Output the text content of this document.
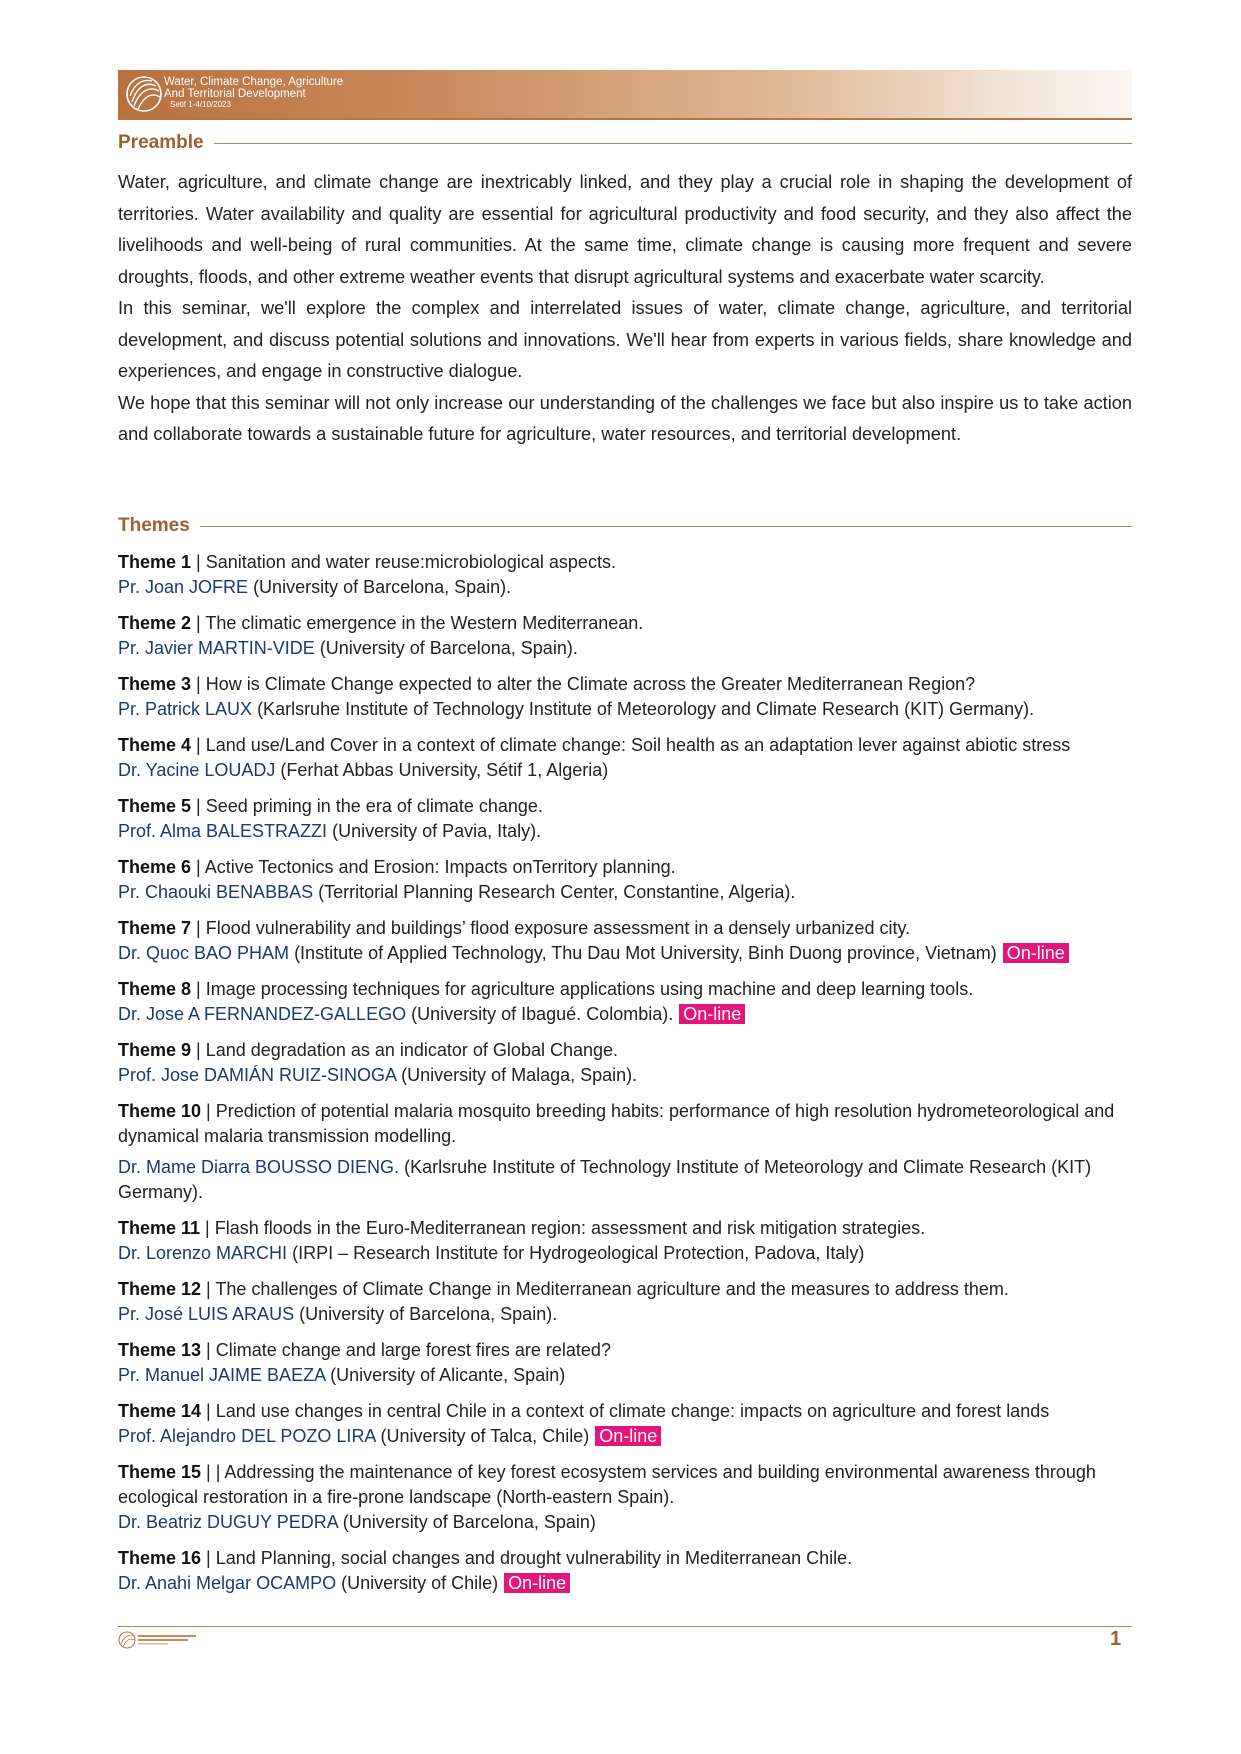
Water, Climate Change, Agriculture
And Territorial Development
Setif 1-4/10/2023
Preamble

Water, agriculture, and climate change are inextricably linked, and they play a crucial role in shaping the development of territories. Water availability and quality are essential for agricultural productivity and food security, and they also affect the livelihoods and well-being of rural communities. At the same time, climate change is causing more frequent and severe droughts, floods, and other extreme weather events that disrupt agricultural systems and exacerbate water scarcity.

In this seminar, we'll explore the complex and interrelated issues of water, climate change, agriculture, and territorial development, and discuss potential solutions and innovations. We'll hear from experts in various fields, share knowledge and experiences, and engage in constructive dialogue.

We hope that this seminar will not only increase our understanding of the challenges we face but also inspire us to take action and collaborate towards a sustainable future for agriculture, water resources, and territorial development.

Themes
Theme 1 | Sanitation and water reuse:microbiological aspects.
Pr. Joan JOFRE (University of Barcelona, Spain).
Theme 2 | The climatic emergence in the Western Mediterranean.
Pr. Javier MARTIN-VIDE (University of Barcelona, Spain).
Theme 3 | How is Climate Change expected to alter the Climate across the Greater Mediterranean Region?
Pr. Patrick LAUX (Karlsruhe Institute of Technology Institute of Meteorology and Climate Research (KIT) Germany).
Theme 4 | Land use/Land Cover in a context of climate change: Soil health as an adaptation lever against abiotic stress
Dr. Yacine LOUADJ (Ferhat Abbas University, Sétif 1, Algeria)
Theme 5 | Seed priming in the era of climate change.
Prof. Alma BALESTRAZZI (University of Pavia, Italy).
Theme 6 | Active Tectonics and Erosion: Impacts onTerritory planning.
Pr. Chaouki BENABBAS (Territorial Planning Research Center, Constantine, Algeria).
Theme 7 | Flood vulnerability and buildings’ flood exposure assessment in a densely urbanized city.
Dr. Quoc BAO PHAM (Institute of Applied Technology, Thu Dau Mot University, Binh Duong province, Vietnam) On-line
Theme 8 | Image processing techniques for agriculture applications using machine and deep learning tools.
Dr. Jose A FERNANDEZ-GALLEGO (University of Ibagué. Colombia). On-line
Theme 9 | Land degradation as an indicator of Global Change.
Prof. Jose DAMIÁN RUIZ-SINOGA (University of Malaga, Spain).
Theme 10 | Prediction of potential malaria mosquito breeding habits: performance of high resolution hydrometeorological and dynamical malaria transmission modelling.
Dr. Mame Diarra BOUSSO DIENG. (Karlsruhe Institute of Technology Institute of Meteorology and Climate Research (KIT) Germany).
Theme 11 | Flash floods in the Euro-Mediterranean region: assessment and risk mitigation strategies.
Dr. Lorenzo MARCHI (IRPI – Research Institute for Hydrogeological Protection, Padova, Italy)
Theme 12 | The challenges of Climate Change in Mediterranean agriculture and the measures to address them.
Pr. José LUIS ARAUS (University of Barcelona, Spain).
Theme 13 | Climate change and large forest fires are related?
Pr. Manuel JAIME BAEZA (University of Alicante, Spain)
Theme 14 | Land use changes in central Chile in a context of climate change: impacts on agriculture and forest lands
Prof. Alejandro DEL POZO LIRA (University of Talca, Chile) On-line
Theme 15 | | Addressing the maintenance of key forest ecosystem services and building environmental awareness through ecological restoration in a fire-prone landscape (North-eastern Spain).
Dr. Beatriz DUGUY PEDRA (University of Barcelona, Spain)
Theme 16 | Land Planning, social changes and drought vulnerability in Mediterranean Chile.
Dr. Anahi Melgar OCAMPO (University of Chile) On-line
1
